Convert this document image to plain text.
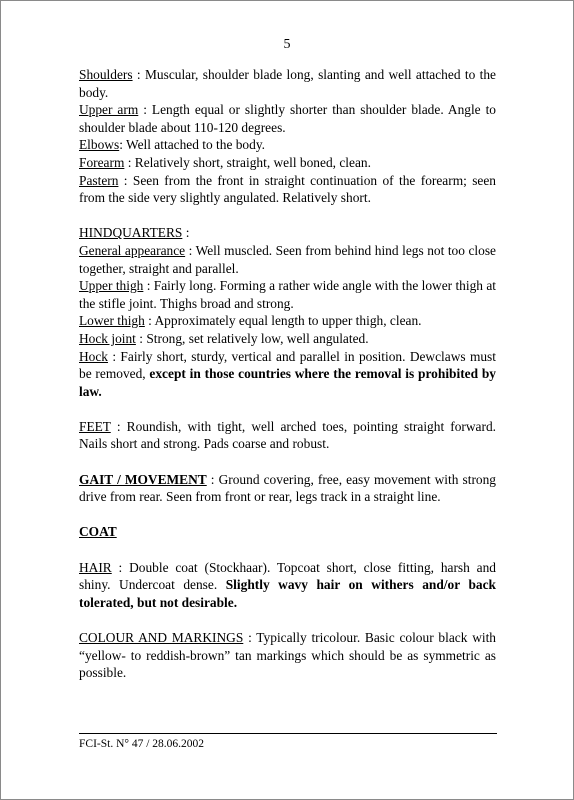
5

Shoulders : Muscular, shoulder blade long, slanting and well attached to the body.

Upper arm : Length equal or slightly shorter than shoulder blade. Angle to shoulder blade about 110-120 degrees.

Elbows: Well attached to the body.

Forearm : Relatively short, straight, well boned, clean.

Pastern : Seen from the front in straight continuation of the forearm; seen from the side very slightly angulated. Relatively short.

HINDQUARTERS :

General appearance : Well muscled. Seen from behind hind legs not too close together, straight and parallel.

Upper thigh : Fairly long. Forming a rather wide angle with the lower thigh at the stifle joint. Thighs broad and strong.

Lower thigh : Approximately equal length to upper thigh, clean.

Hock joint : Strong, set relatively low, well angulated.

Hock : Fairly short, sturdy, vertical and parallel in position. Dewclaws must be removed, except in those countries where the removal is prohibited by law.

FEET : Roundish, with tight, well arched toes, pointing straight forward. Nails short and strong. Pads coarse and robust.

GAIT / MOVEMENT : Ground covering, free, easy movement with strong drive from rear. Seen from front or rear, legs track in a straight line.

COAT

HAIR : Double coat (Stockhaar). Topcoat short, close fitting, harsh and shiny. Undercoat dense. Slightly wavy hair on withers and/or back tolerated, but not desirable.

COLOUR AND MARKINGS : Typically tricolour. Basic colour black with “yellow- to reddish-brown” tan markings which should be as symmetric as possible.

FCI-St. N° 47 / 28.06.2002
